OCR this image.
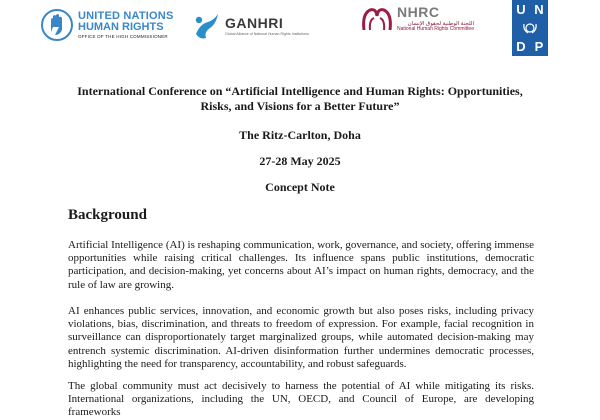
UNITED NATIONS
HUMAN RIGHTS
OFFICE OF THE HIGH COMMISSIONER
GANHRI
Global Alliance of National Human Rights Institutions
NHRC
اللجنة الوطنية لحقوق الإنسان
National Human Rights Committee
U N
D P
International Conference on “Artificial Intelligence and Human Rights: Opportunities,
Risks, and Visions for a Better Future”
The Ritz-Carlton, Doha
27-28 May 2025
Concept Note
Background

Artificial Intelligence (AI) is reshaping communication, work, governance, and society, offering immense opportunities while raising critical challenges. Its influence spans public institutions, democratic participation, and decision-making, yet concerns about AI’s impact on human rights, democracy, and the rule of law are growing.

AI enhances public services, innovation, and economic growth but also poses risks, including privacy violations, bias, discrimination, and threats to freedom of expression. For example, facial recognition in surveillance can disproportionately target marginalized groups, while automated decision-making may entrench systemic discrimination. AI-driven disinformation further undermines democratic processes, highlighting the need for transparency, accountability, and robust safeguards.

The global community must act decisively to harness the potential of AI while mitigating its risks. International organizations, including the UN, OECD, and Council of Europe, are developing frameworks
